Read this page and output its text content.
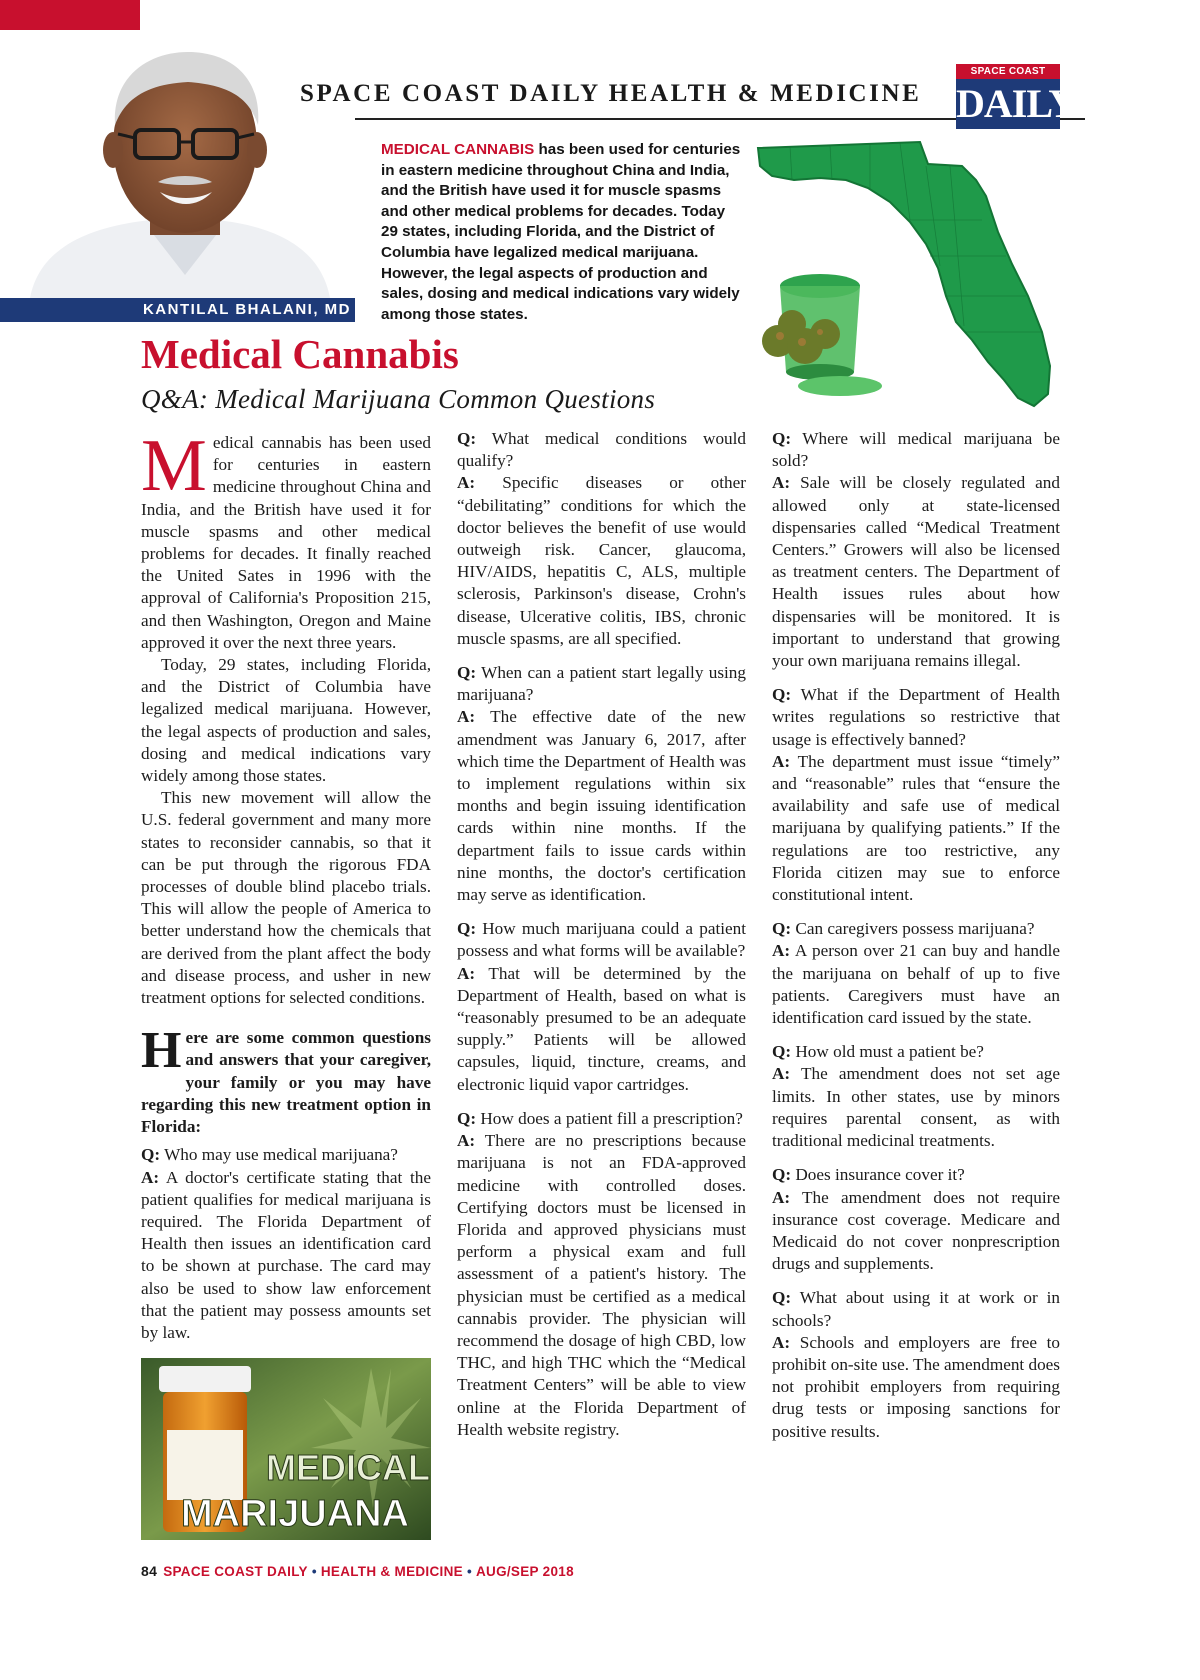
KANTILAL BHALANI, MD
SPACE COAST DAILY HEALTH & MEDICINE
SPACE COAST
DAILY
MEDICAL CANNABIS has been used for centuries in eastern medicine throughout China and India, and the British have used it for muscle spasms and other medical problems for decades. Today 29 states, including Florida, and the District of Columbia have legalized medical marijuana. However, the legal aspects of production and sales, dosing and medical indications vary widely among those states.
Medical Cannabis
Q&A: Medical Marijuana Common Questions

Medical cannabis has been used for centuries in eastern medicine throughout China and India, and the British have used it for muscle spasms and other medical problems for decades. It finally reached the United Sates in 1996 with the approval of California's Proposition 215, and then Washington, Oregon and Maine approved it over the next three years.

Today, 29 states, including Florida, and the District of Columbia have legalized medical marijuana. However, the legal aspects of production and sales, dosing and medical indications vary widely among those states.

This new movement will allow the U.S. federal government and many more states to reconsider cannabis, so that it can be put through the rigorous FDA processes of double blind placebo trials. This will allow the people of America to better understand how the chemicals that are derived from the plant affect the body and disease process, and usher in new treatment options for selected conditions.

Here are some common questions and answers that your caregiver, your family or you may have regarding this new treatment option in Florida:

Q: Who may use medical marijuana?

A: A doctor's certificate stating that the patient qualifies for medical marijuana is required. The Florida Department of Health then issues an identification card to be shown at purchase. The card may also be used to show law enforcement that the patient may possess amounts set by law.

MEDICAL
MARIJUANA

Q: What medical conditions would qualify?

A: Specific diseases or other “debilitating” conditions for which the doctor believes the benefit of use would outweigh risk. Cancer, glaucoma, HIV/AIDS, hepatitis C, ALS, multiple sclerosis, Parkinson's disease, Crohn's disease, Ulcerative colitis, IBS, chronic muscle spasms, are all specified.

Q: When can a patient start legally using marijuana?

A: The effective date of the new amendment was January 6, 2017, after which time the Department of Health was to implement regulations within six months and begin issuing identification cards within nine months. If the department fails to issue cards within nine months, the doctor's certification may serve as identification.

Q: How much marijuana could a patient possess and what forms will be available?

A: That will be determined by the Department of Health, based on what is “reasonably presumed to be an adequate supply.” Patients will be allowed capsules, liquid, tincture, creams, and electronic liquid vapor cartridges.

Q: How does a patient fill a prescription?

A: There are no prescriptions because marijuana is not an FDA-approved medicine with controlled doses. Certifying doctors must be licensed in Florida and approved physicians must perform a physical exam and full assessment of a patient's history. The physician must be certified as a medical cannabis provider. The physician will recommend the dosage of high CBD, low THC, and high THC which the “Medical Treatment Centers” will be able to view online at the Florida Department of Health website registry.

Q: Where will medical marijuana be sold?

A: Sale will be closely regulated and allowed only at state-licensed dispensaries called “Medical Treatment Centers.” Growers will also be licensed as treatment centers. The Department of Health issues rules about how dispensaries will be monitored. It is important to understand that growing your own marijuana remains illegal.

Q: What if the Department of Health writes regulations so restrictive that usage is effectively banned?

A: The department must issue “timely” and “reasonable” rules that “ensure the availability and safe use of medical marijuana by qualifying patients.” If the regulations are too restrictive, any Florida citizen may sue to enforce constitutional intent.

Q: Can caregivers possess marijuana?

A: A person over 21 can buy and handle the marijuana on behalf of up to five patients. Caregivers must have an identification card issued by the state.

Q: How old must a patient be?

A: The amendment does not set age limits. In other states, use by minors requires parental consent, as with traditional medicinal treatments.

Q: Does insurance cover it?

A: The amendment does not require insurance cost coverage. Medicare and Medicaid do not cover nonprescription drugs and supplements.

Q: What about using it at work or in schools?

A: Schools and employers are free to prohibit on-site use. The amendment does not prohibit employers from requiring drug tests or imposing sanctions for positive results.

84 SPACE COAST DAILY • HEALTH & MEDICINE • AUG/SEP 2018
